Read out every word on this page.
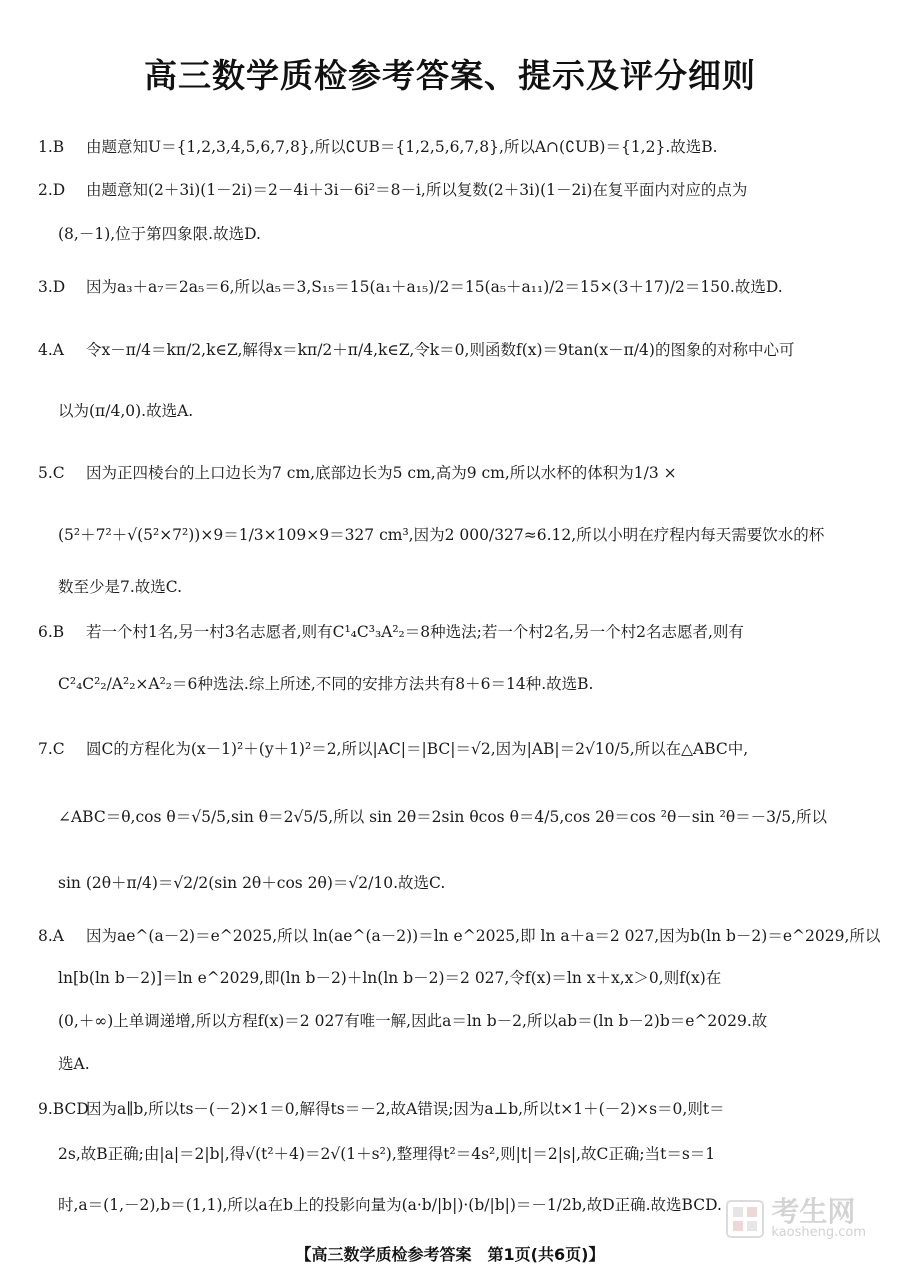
高三数学质检参考答案、提示及评分细则
1.B 由题意知U＝{1,2,3,4,5,6,7,8},所以∁UB＝{1,2,5,6,7,8},所以A∩(∁UB)＝{1,2}.故选B.
2.D 由题意知(2＋3i)(1－2i)＝2－4i＋3i－6i²＝8－i,所以复数(2＋3i)(1－2i)在复平面内对应的点为
(8,－1),位于第四象限.故选D.
3.D 因为a₃＋a₇＝2a₅＝6,所以a₅＝3,S₁₅＝15(a₁＋a₁₅)/2＝15(a₅＋a₁₁)/2＝15×(3＋17)/2＝150.故选D.
4.A 令x－π/4＝kπ/2,k∈Z,解得x＝kπ/2＋π/4,k∈Z,令k＝0,则函数f(x)＝9tan(x－π/4)的图象的对称中心可
以为(π/4,0).故选A.
5.C 因为正四棱台的上口边长为7 cm,底部边长为5 cm,高为9 cm,所以水杯的体积为1/3 ×
(5²＋7²＋√(5²×7²))×9＝1/3×109×9＝327 cm³,因为2 000/327≈6.12,所以小明在疗程内每天需要饮水的杯
数至少是7.故选C.
6.B 若一个村1名,另一村3名志愿者,则有C¹₄C³₃A²₂＝8种选法;若一个村2名,另一个村2名志愿者,则有
C²₄C²₂/A²₂×A²₂＝6种选法.综上所述,不同的安排方法共有8＋6＝14种.故选B.
7.C 圆C的方程化为(x－1)²＋(y＋1)²＝2,所以|AC|＝|BC|＝√2,因为|AB|＝2√10/5,所以在△ABC中,
∠ABC＝θ,cos θ＝√5/5,sin θ＝2√5/5,所以 sin 2θ＝2sin θcos θ＝4/5,cos 2θ＝cos ²θ－sin ²θ＝－3/5,所以
sin (2θ＋π/4)＝√2/2(sin 2θ＋cos 2θ)＝√2/10.故选C.
8.A 因为ae^(a－2)＝e^2025,所以 ln(ae^(a－2))＝ln e^2025,即 ln a＋a＝2 027,因为b(ln b－2)＝e^2029,所以
ln[b(ln b－2)]＝ln e^2029,即(ln b－2)＋ln(ln b－2)＝2 027,令f(x)＝ln x＋x,x＞0,则f(x)在
(0,＋∞)上单调递增,所以方程f(x)＝2 027有唯一解,因此a＝ln b－2,所以ab＝(ln b－2)b＝e^2029.故
选A.
9.BCD因为a∥b,所以ts－(－2)×1＝0,解得ts＝－2,故A错误;因为a⊥b,所以t×1＋(－2)×s＝0,则t＝
2s,故B正确;由|a|＝2|b|,得√(t²＋4)＝2√(1＋s²),整理得t²＝4s²,则|t|＝2|s|,故C正确;当t＝s＝1
时,a＝(1,－2),b＝(1,1),所以a在b上的投影向量为(a·b/|b|)·(b/|b|)＝－1/2b,故D正确.故选BCD.	考生网
kaosheng.com
【高三数学质检参考答案　第1页(共6页)】
